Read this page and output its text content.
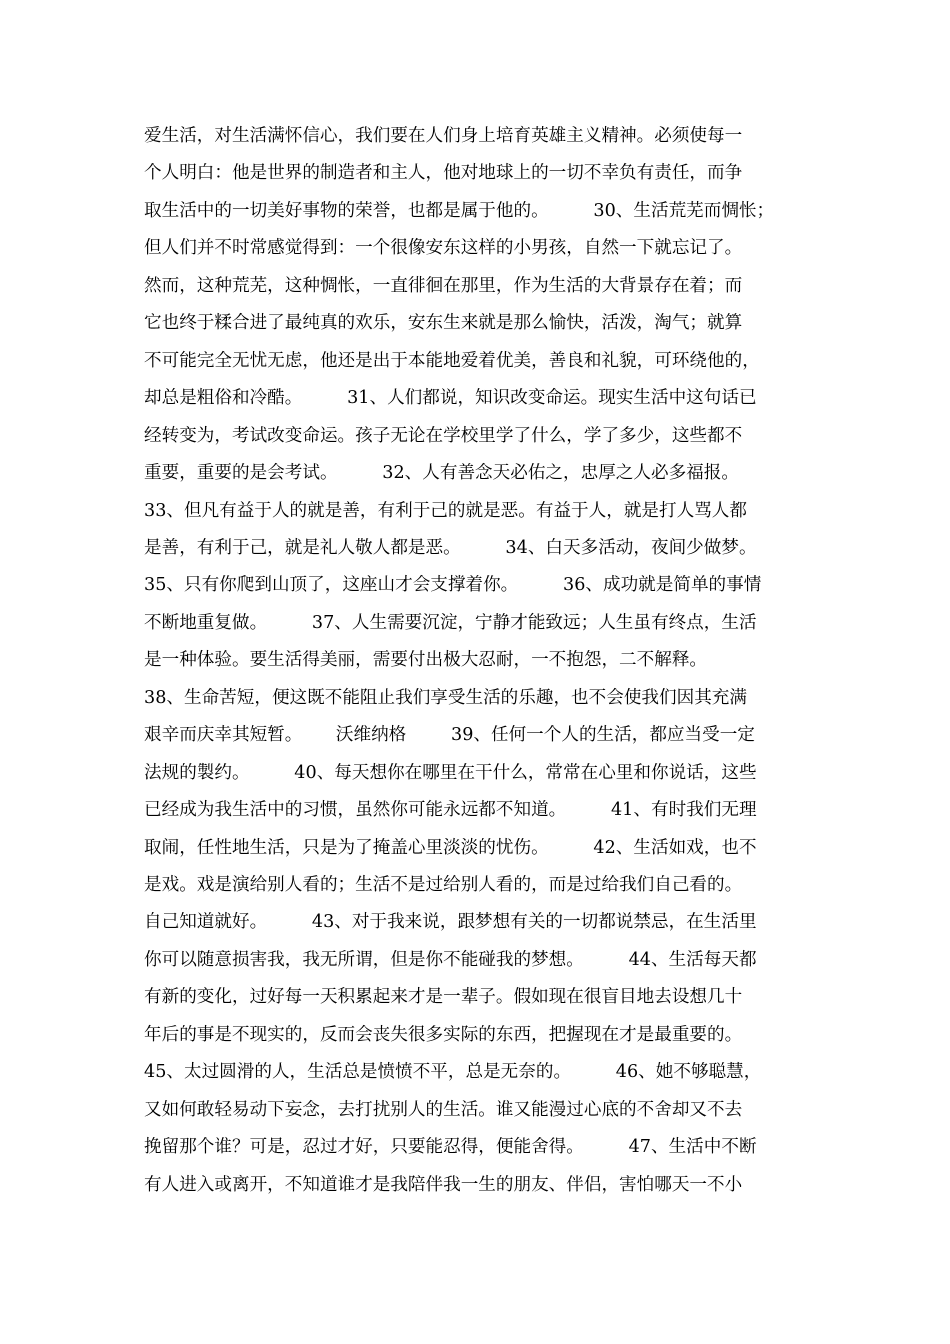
爱生活，对生活满怀信心，我们要在人们身上培育英雄主义精神。必须使每一
个人明白：他是世界的制造者和主人，他对地球上的一切不幸负有责任，而争
取生活中的一切美好事物的荣誉，也都是属于他的。        30、生活荒芜而惆怅；
但人们并不时常感觉得到：一个很像安东这样的小男孩，自然一下就忘记了。
然而，这种荒芜，这种惆怅，一直徘徊在那里，作为生活的大背景存在着；而
它也终于糅合进了最纯真的欢乐，安东生来就是那么愉快，活泼，淘气；就算
不可能完全无忧无虑，他还是出于本能地爱着优美，善良和礼貌，可环绕他的，
却总是粗俗和冷酷。        31、人们都说，知识改变命运。现实生活中这句话已
经转变为，考试改变命运。孩子无论在学校里学了什么，学了多少，这些都不
重要，重要的是会考试。        32、人有善念天必佑之，忠厚之人必多福报。
33、但凡有益于人的就是善，有利于己的就是恶。有益于人，就是打人骂人都
是善，有利于己，就是礼人敬人都是恶。        34、白天多活动，夜间少做梦。
35、只有你爬到山顶了，这座山才会支撑着你。        36、成功就是简单的事情
不断地重复做。        37、人生需要沉淀，宁静才能致远；人生虽有终点，生活
是一种体验。要生活得美丽，需要付出极大忍耐，一不抱怨，二不解释。
38、生命苦短，便这既不能阻止我们享受生活的乐趣，也不会使我们因其充满
艰辛而庆幸其短暂。      沃维纳格        39、任何一个人的生活，都应当受一定
法规的製约。        40、每天想你在哪里在干什么，常常在心里和你说话，这些
已经成为我生活中的习惯，虽然你可能永远都不知道。        41、有时我们无理
取闹，任性地生活，只是为了掩盖心里淡淡的忧伤。        42、生活如戏，也不
是戏。戏是演给别人看的；生活不是过给别人看的，而是过给我们自己看的。
自己知道就好。        43、对于我来说，跟梦想有关的一切都说禁忌，在生活里
你可以随意损害我，我无所谓，但是你不能碰我的梦想。        44、生活每天都
有新的变化，过好每一天积累起来才是一辈子。假如现在很盲目地去设想几十
年后的事是不现实的，反而会丧失很多实际的东西，把握现在才是最重要的。
45、太过圆滑的人，生活总是愤愤不平，总是无奈的。        46、她不够聪慧，
又如何敢轻易动下妄念，去打扰别人的生活。谁又能漫过心底的不舍却又不去
挽留那个谁？可是，忍过才好，只要能忍得，便能舍得。        47、生活中不断
有人进入或离开，不知道谁才是我陪伴我一生的朋友、伴侣，害怕哪天一不小
